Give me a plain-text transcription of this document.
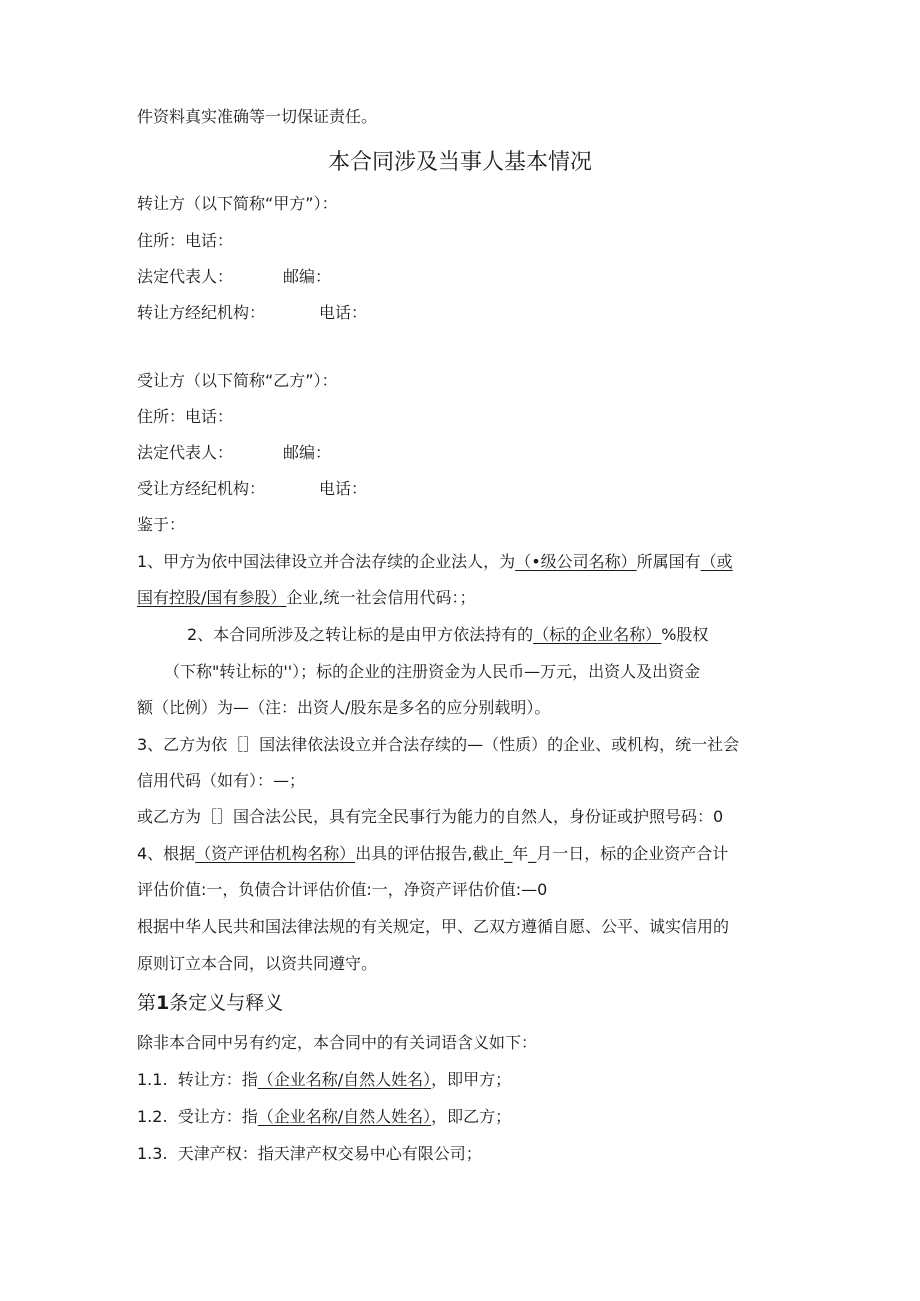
件资料真实准确等一切保证责任。
本合同涉及当事人基本情况
转让方（以下简称“甲方”）：
住所：电话：
法定代表人：	邮编：
转让方经纪机构：	电话：
受让方（以下简称“乙方”）：
住所：电话：
法定代表人：	邮编：
受让方经纪机构：	电话：
鉴于：
1、甲方为依中国法律设立并合法存续的企业法人，为（•级公司名称）所属国有（或
国有控股/国有参股）企业,统一社会信用代码：；
2、本合同所涉及之转让标的是由甲方依法持有的（标的企业名称）%股权
（下称"转让标的''）；标的企业的注册资金为人民币—万元，出资人及出资金
额（比例）为—（注：出资人/股东是多名的应分别载明）。
3、乙方为依［］国法律依法设立并合法存续的—（性质）的企业、或机构，统一社会
信用代码（如有）：—；
或乙方为［］国合法公民，具有完全民事行为能力的自然人，身份证或护照号码：0
4、根据（资产评估机构名称）出具的评估报告,截止_年_月一日，标的企业资产合计
评估价值:一，负债合计评估价值:一，净资产评估价值:—0
根据中华人民共和国法律法规的有关规定，甲、乙双方遵循自愿、公平、诚实信用的
原则订立本合同，以资共同遵守。
第1条定义与释义
除非本合同中另有约定，本合同中的有关词语含义如下：
1.1. 转让方：指（企业名称/自然人姓名），即甲方；
1.2. 受让方：指（企业名称/自然人姓名），即乙方；
1.3. 天津产权：指天津产权交易中心有限公司；
